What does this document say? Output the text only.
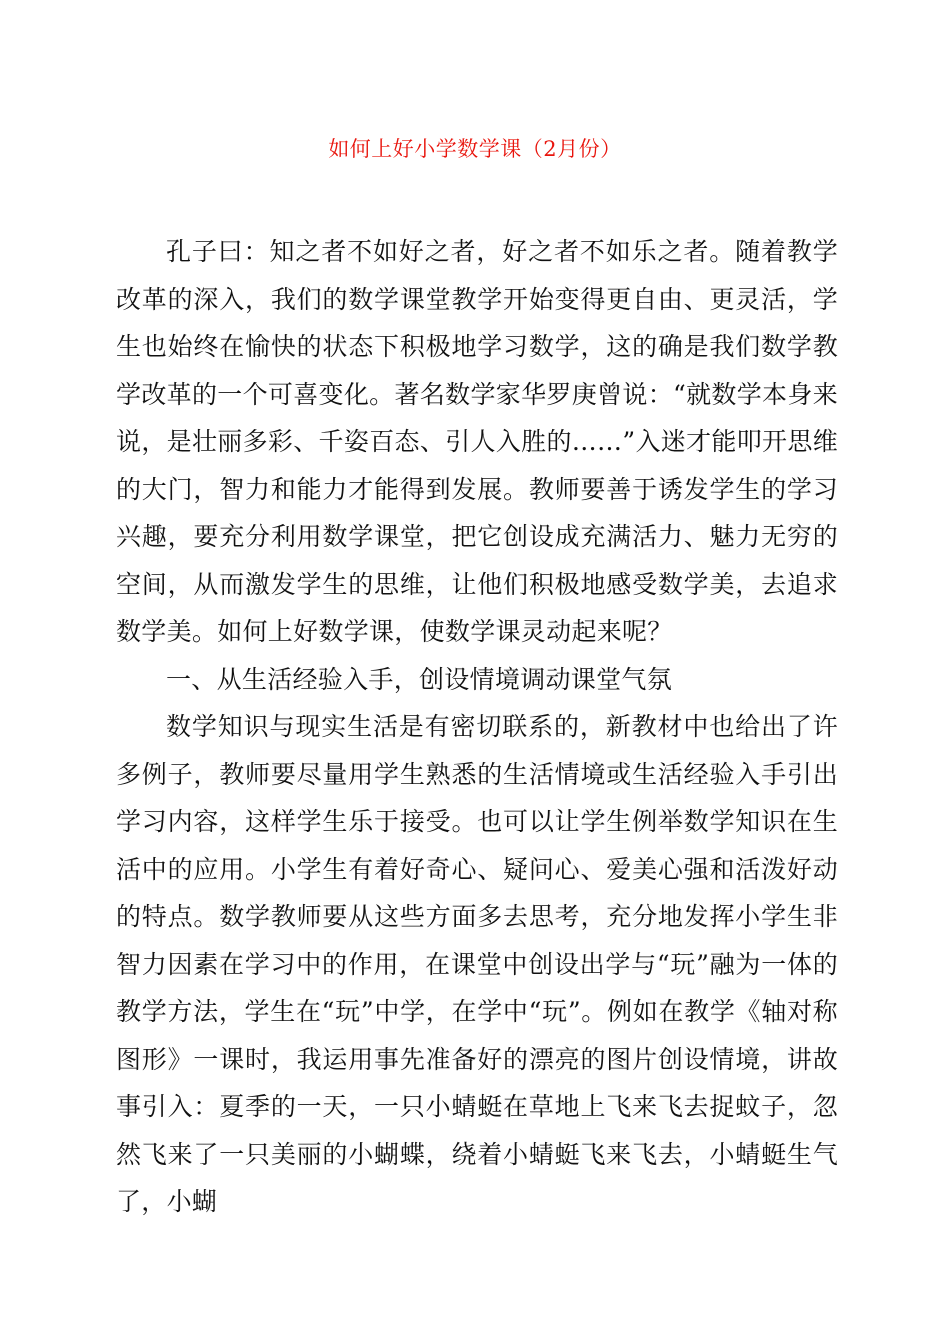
如何上好小学数学课（2月份）

孔子曰：知之者不如好之者，好之者不如乐之者。随着教学改革的深入，我们的数学课堂教学开始变得更自由、更灵活，学生也始终在愉快的状态下积极地学习数学，这的确是我们数学教学改革的一个可喜变化。著名数学家华罗庚曾说：“就数学本身来说，是壮丽多彩、千姿百态、引人入胜的……”入迷才能叩开思维的大门，智力和能力才能得到发展。教师要善于诱发学生的学习兴趣，要充分利用数学课堂，把它创设成充满活力、魅力无穷的空间，从而激发学生的思维，让他们积极地感受数学美，去追求数学美。如何上好数学课，使数学课灵动起来呢？

一、从生活经验入手，创设情境调动课堂气氛

数学知识与现实生活是有密切联系的，新教材中也给出了许多例子，教师要尽量用学生熟悉的生活情境或生活经验入手引出学习内容，这样学生乐于接受。也可以让学生例举数学知识在生活中的应用。小学生有着好奇心、疑问心、爱美心强和活泼好动的特点。数学教师要从这些方面多去思考，充分地发挥小学生非智力因素在学习中的作用，在课堂中创设出学与“玩”融为一体的教学方法，学生在“玩”中学，在学中“玩”。例如在教学《轴对称图形》一课时，我运用事先准备好的漂亮的图片创设情境，讲故事引入：夏季的一天，一只小蜻蜓在草地上飞来飞去捉蚊子，忽然飞来了一只美丽的小蝴蝶，绕着小蜻蜓飞来飞去，小蜻蜓生气了，小蝴
